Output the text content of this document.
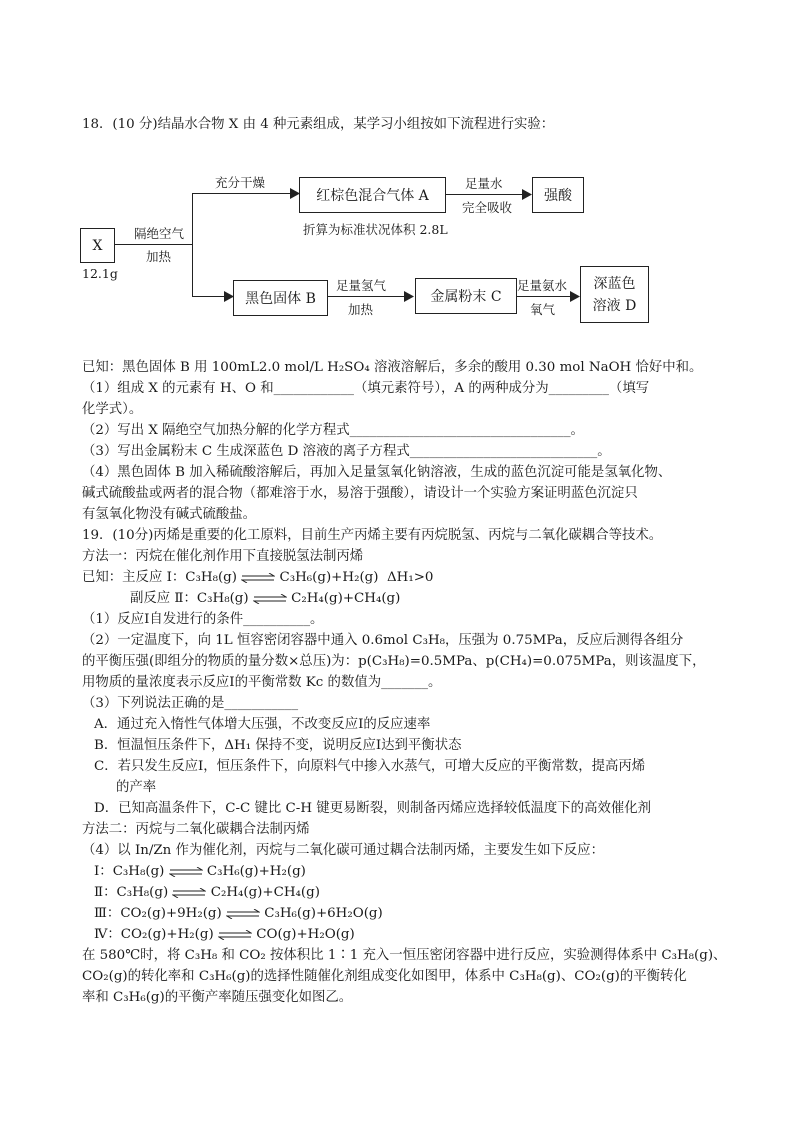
18．(10 分)结晶水合物 X 由 4 种元素组成，某学习小组按如下流程进行实验：
X
12.1g
隔绝空气
加热
充分干燥
红棕色混合气体 A
折算为标准状况体积 2.8L
足量水
完全吸收
强酸
黑色固体 B
足量氢气
加热
金属粉末 C
足量氨水
氧气
深蓝色
溶液 D
已知：黑色固体 B 用 100mL2.0 mol/L H₂SO₄ 溶液溶解后，多余的酸用 0.30 mol NaOH 恰好中和。
（1）组成 X 的元素有 H、O 和____________（填元素符号），A 的两种成分为_________（填写
化学式）。
（2）写出 X 隔绝空气加热分解的化学方程式_________________________________。
（3）写出金属粉末 C 生成深蓝色 D 溶液的离子方程式____________________________。
（4）黑色固体 B 加入稀硫酸溶解后，再加入足量氢氧化钠溶液，生成的蓝色沉淀可能是氢氧化物、
碱式硫酸盐或两者的混合物（都难溶于水，易溶于强酸），请设计一个实验方案证明蓝色沉淀只
有氢氧化物没有碱式硫酸盐。
19．(10分)丙烯是重要的化工原料，目前生产丙烯主要有丙烷脱氢、丙烷与二氧化碳耦合等技术。
方法一：丙烷在催化剂作用下直接脱氢法制丙烯
已知：主反应 Ⅰ：C₃H₈(g) ⇌ C₃H₆(g)+H₂(g) ΔH₁>0
副反应 Ⅱ：C₃H₈(g) ⇌ C₂H₄(g)+CH₄(g)
（1）反应Ⅰ自发进行的条件__________。
（2）一定温度下，向 1L 恒容密闭容器中通入 0.6mol C₃H₈，压强为 0.75MPa，反应后测得各组分
的平衡压强(即组分的物质的量分数×总压)为：p(C₃H₈)=0.5MPa、p(CH₄)=0.075MPa，则该温度下，
用物质的量浓度表示反应Ⅰ的平衡常数 Kc 的数值为_______。
（3）下列说法正确的是___________
A．通过充入惰性气体增大压强，不改变反应Ⅰ的反应速率
B．恒温恒压条件下，ΔH₁ 保持不变，说明反应Ⅰ达到平衡状态
C．若只发生反应Ⅰ，恒压条件下，向原料气中掺入水蒸气，可增大反应的平衡常数，提高丙烯
的产率
D．已知高温条件下，C-C 键比 C-H 键更易断裂，则制备丙烯应选择较低温度下的高效催化剂
方法二：丙烷与二氧化碳耦合法制丙烯
（4）以 In/Zn 作为催化剂，丙烷与二氧化碳可通过耦合法制丙烯，主要发生如下反应：
Ⅰ：C₃H₈(g) ⇌ C₃H₆(g)+H₂(g)
Ⅱ：C₃H₈(g) ⇌ C₂H₄(g)+CH₄(g)
Ⅲ：CO₂(g)+9H₂(g) ⇌ C₃H₆(g)+6H₂O(g)
Ⅳ：CO₂(g)+H₂(g) ⇌ CO(g)+H₂O(g)
在 580℃时，将 C₃H₈ 和 CO₂ 按体积比 1∶1 充入一恒压密闭容器中进行反应，实验测得体系中 C₃H₈(g)、
CO₂(g)的转化率和 C₃H₆(g)的选择性随催化剂组成变化如图甲，体系中 C₃H₈(g)、CO₂(g)的平衡转化
率和 C₃H₆(g)的平衡产率随压强变化如图乙。
